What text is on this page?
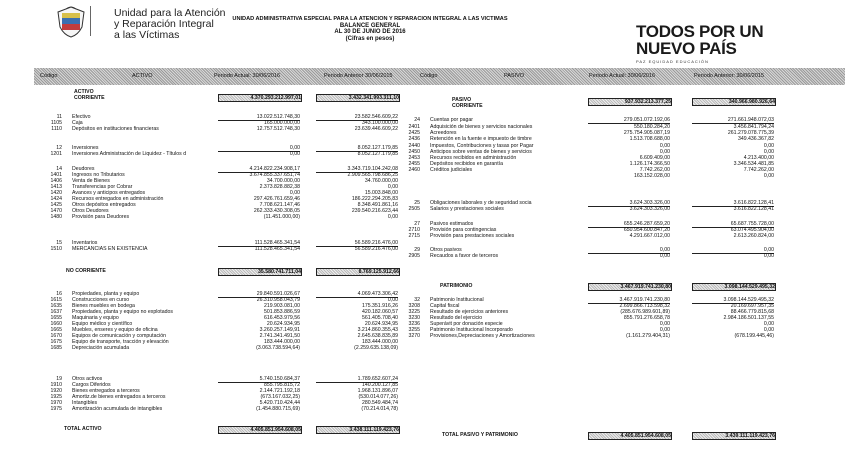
Unidad para la Atención
y Reparación Integral
a las Víctimas
UNIDAD ADMINISTRATIVA ESPECIAL PARA LA ATENCION Y REPARACION INTEGRAL A LAS VICTIMAS
BALANCE GENERAL
AL 30 DE JUNIO DE 2016
(Cifras en pesos)	TODOS POR UN
NUEVO PAÍS
PAZ EQUIDAD EDUCACIÓN
Código	ACTIVO	Periodo Actual: 30/06/2016	Periodo Anterior 30/06/2015	Código	PASIVO	Periodo Actual: 30/06/2016	Periodo Anterior: 30/06/2015
ACTIVO
CORRIENTE	4.370.293.212.997,01	3.432.341.993.311,10
11 Efectivo	13.022.512.748,30	23.582.546.609,22
1105 Caja	165.000.000,00	343.100.000,00
1110 Depósitos en instituciones financieras	12.757.512.748,30	23.639.446.609,22
12 Inversiones	0,00	8.052.127.179,85
1201 Inversiones Administración de Liquidez - Títulos d	0,00	8.052.127.179,85
14 Deudores	4.214.822.234.908,17	3.343.719.104.242,08
1401 Ingresos no Tributarios	3.674.855.337.651,74	2.909.565.798.686,25
1406 Venta de Bienes	34.700.000,00	34.760.000,00
1413 Transferencias por Cobrar	2.373.828.882,38	0,00
1420 Avances y anticipos entregados	0,00	15.003.848,00
1424 Recursos entregados en administración	297.426.761.659,46	186.222.294.205,83
1425 Otros depósitos entregados	7.708.621.147,46	8.348.491.861,16
1470 Otros Deudores	262.333.430.308,05	239.540.216.623,44
1480 Provisión para Deudores	(11.451.000,00)	0,00
15 Inventarios	111.528.465.341,54	56.589.216.476,00
1510 MERCANCIAS EN EXISTENCIA	111.528.465.341,54	56.589.216.476,00
NO CORRIENTE	35.580.741.711,04	8.769.125.912,66
16 Propiedades, planta y equipo	29.840.591.026,67	4.069.473.306,42
1615 Construcciones en curso	26.310.958.043,79	0,00
1635 Bienes muebles en bodega	219.903.081,00	175.351.916,26
1637 Propiedades, planta y equipo no explotados	501.853.886,59	420.182.060,57
1655 Maquinaria y equipo	616.453.979,56	561.405.708,40
1660 Equipo médico y científico	20.624.934,95	20.624.934,95
1665 Muebles, enseres y equipo de oficina	3.260.257.149,91	3.214.860.355,43
1670 Equipos de comunicación y computación	2.741.341.491,50	2.645.638.835,89
1675 Equipo de transporte, tracción y elevación	183.444.000,00	183.444.000,00
1685 Depreciación acumulada	(3.063.738.594,64)	(2.259.635.138,09)
19 Otros activos	5.740.150.684,37	1.789.652.607,24
1910 Cargos Diferidos	855.795.815,72	140.200.127,85
1920 Bienes entregados a terceros	2.144.721.192,18	1.968.131.896,07
1925 Amortiz.de bienes entregados a terceros	(673.167.032,25)	(530.014.077,26)
1970 Intangibles	5.420.710.424,44	280.549.484,74
1975 Amortización acumulada de intangibles	(1.454.880.715,69)	(70.214.014,78)
TOTAL ACTIVO	4.405.851.954.608,05	3.438.111.119.423,76
PASIVO
CORRIENTE
937.932.213.377,25	340.966.980.926,64
24 Cuentas por pagar	279.051.072.192,06	271.661.948.072,03
2401 Adquisición de bienes y servicios nacionales	550.180.284,20	3.456.841.794,24
2425 Acreedores	275.754.905.087,19	261.279.078.775,39
2436 Retención en la fuente e impuesto de timbre	1.513.708.688,00	349.436.367,82
2440 Impuestos, Contribuciones y tasas por Pagar	0,00	0,00
2450 Anticipos sobre ventas de bienes y servicios	0,00	0,00
2453 Recursos recibidos en administración	6.609.409,00	4.213.400,00
2455 Depósitos recibidos en garantía	1.126.174.366,50	3.346.534.481,85
2460 Créditos judiciales	7.742.262,00	7.742.262,00
163.152.028,00	0,00
25 Obligaciones laborales y de seguridad socia	3.624.303.326,00	3.616.822.128,41
2505 Salarios y prestaciones sociales	3.624.303.326,00	3.616.822.128,41
27 Pasivos estimados	655.246.287.659,20	65.687.755.728,00
2710 Provisión para contingencias	650.954.600.847,20	63.074.495.904,00
2715 Provisión para prestaciones sociales	4.291.667.012,00	2.613.260.824,00
29 Otros pasivos	0,00	0,00
2905 Recaudos a favor de terceros	0,00	0,00
PATRIMONIO	3.467.919.741.230,80	3.098.144.529.495,32
32 Patrimonio Institucional	3.467.919.741.230,80	3.098.144.529.495,32
3208 Capital fiscal	2.699.866.713.598,32	20.169.697.957,35
3225 Resultado de ejercicios anteriores	(285.676.989.601,89)	88.466.779.815,68
3230 Resultado del ejercicio	855.791.276.658,78	2.984.186.501.137,55
3236 Superávit por donación especie	0,00	0,00
3255 Patrimonio Institucional Incorporado	0,00	0,00
3270 Provisiones,Depreciaciones y Amortizaciones	(1.161.279.404,31)	(678.199.445,46)
TOTAL PASIVO Y PATRIMONIO	4.405.851.954.608,05	3.439.111.119.423,76
